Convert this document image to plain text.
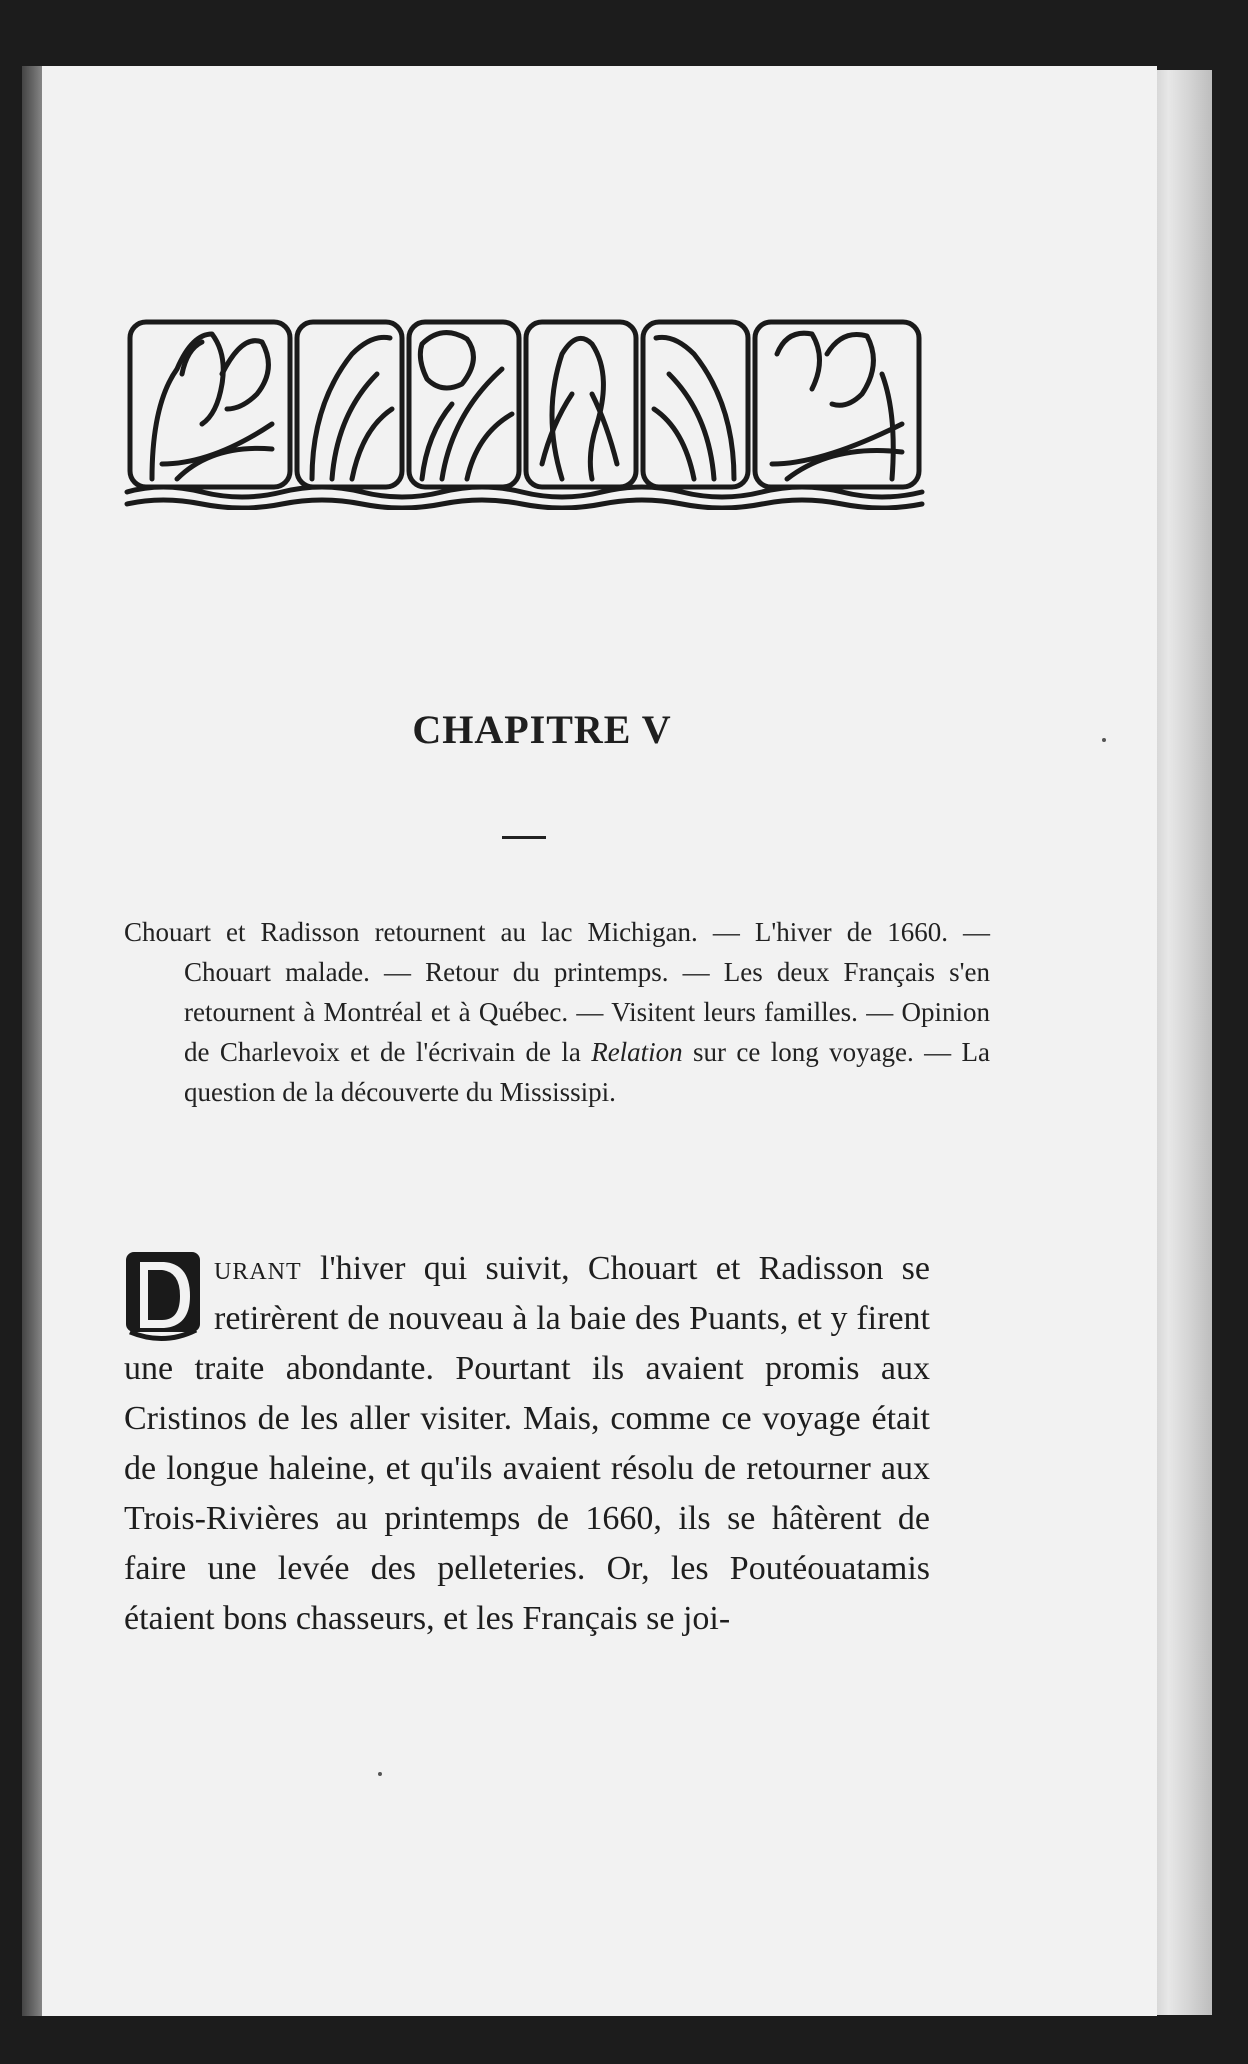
CHAPITRE V

Chouart et Radisson retournent au lac Michigan. — L'hiver de 1660. — Chouart malade. — Retour du printemps. — Les deux Français s'en retournent à Montréal et à Québec. — Visitent leurs familles. — Opinion de Charlevoix et de l'écrivain de la Relation sur ce long voyage. — La question de la découverte du Mississipi.

D	urant l'hiver qui suivit, Chouart et Radisson se retirèrent de nouveau à la baie des Puants, et y firent une traite abondante. Pourtant ils avaient promis aux Cristinos de les aller visiter. Mais, comme ce voyage était de longue haleine, et qu'ils avaient résolu de retourner aux Trois-Rivières au printemps de 1660, ils se hâtèrent de faire une levée des pelleteries. Or, les Poutéouatamis étaient bons chasseurs, et les Français se joi-
